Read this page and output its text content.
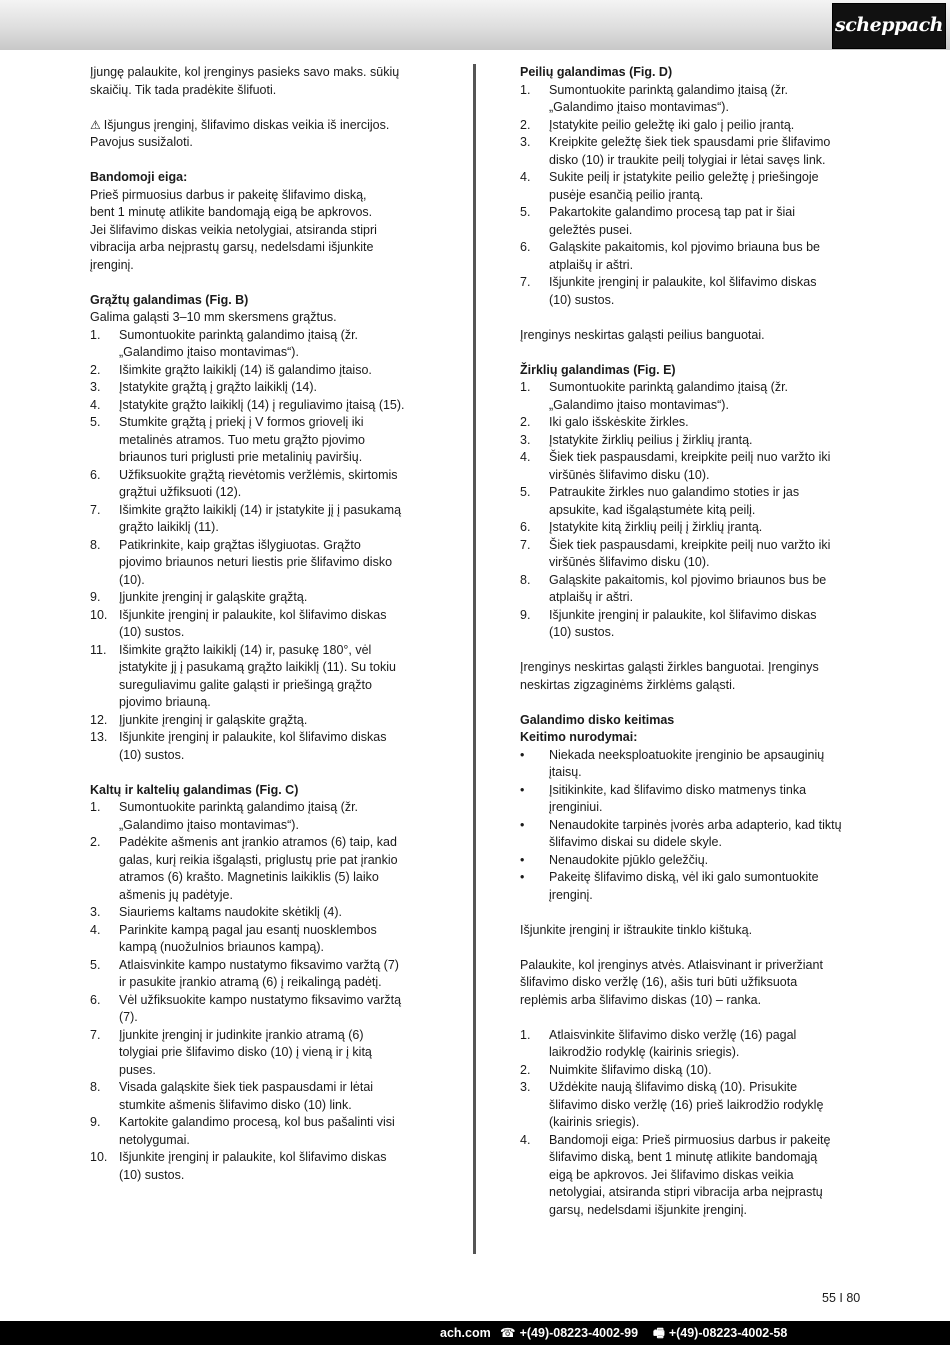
scheppach

Įjungę palaukite, kol įrenginys pasieks savo maks. sūkių

skaičių. Tik tada pradėkite šlifuoti.

⚠ Išjungus įrenginį, šlifavimo diskas veikia iš inercijos.

Pavojus susižaloti.

Bandomoji eiga:

Prieš pirmuosius darbus ir pakeitę šlifavimo diską,

bent 1 minutę atlikite bandomąją eigą be apkrovos.

Jei šlifavimo diskas veikia netolygiai, atsiranda stipri

vibracija arba neįprastų garsų, nedelsdami išjunkite

įrenginį.

Grąžtų galandimas (Fig. B)

Galima galąsti 3–10 mm skersmens grąžtus.

1. Sumontuokite parinktą galandimo įtaisą (žr.
„Galandimo įtaiso montavimas“).
2. Išimkite grąžto laikiklį (14) iš galandimo įtaiso.
3. Įstatykite grąžtą į grąžto laikiklį (14).
4. Įstatykite grąžto laikiklį (14) į reguliavimo įtaisą (15).
5. Stumkite grąžtą į priekį į V formos griovelį iki
metalinės atramos. Tuo metu grąžto pjovimo
briaunos turi priglusti prie metalinių paviršių.
6. Užfiksuokite grąžtą rievėtomis veržlėmis, skirtomis
grąžtui užfiksuoti (12).
7. Išimkite grąžto laikiklį (14) ir įstatykite jį į pasukamą
grąžto laikiklį (11).
8. Patikrinkite, kaip grąžtas išlygiuotas. Grąžto
pjovimo briaunos neturi liestis prie šlifavimo disko
(10).
9. Įjunkite įrenginį ir galąskite grąžtą.
10. Išjunkite įrenginį ir palaukite, kol šlifavimo diskas
(10) sustos.
11. Išimkite grąžto laikiklį (14) ir, pasukę 180°, vėl
įstatykite jį į pasukamą grąžto laikiklį (11). Su tokiu
sureguliavimu galite galąsti ir priešingą grąžto
pjovimo briauną.
12. Įjunkite įrenginį ir galąskite grąžtą.
13. Išjunkite įrenginį ir palaukite, kol šlifavimo diskas
(10) sustos.

Kaltų ir kaltelių galandimas (Fig. C)

1. Sumontuokite parinktą galandimo įtaisą (žr.
„Galandimo įtaiso montavimas“).
2. Padėkite ašmenis ant įrankio atramos (6) taip, kad
galas, kurį reikia išgaląsti, priglustų prie pat įrankio
atramos (6) krašto. Magnetinis laikiklis (5) laiko
ašmenis jų padėtyje.
3. Siauriems kaltams naudokite skėtiklį (4).
4. Parinkite kampą pagal jau esantį nuosklembos
kampą (nuožulnios briaunos kampą).
5. Atlaisvinkite kampo nustatymo fiksavimo varžtą (7)
ir pasukite įrankio atramą (6) į reikalingą padėtį.
6. Vėl užfiksuokite kampo nustatymo fiksavimo varžtą
(7).
7. Įjunkite įrenginį ir judinkite įrankio atramą (6)
tolygiai prie šlifavimo disko (10) į vieną ir į kitą
puses.
8. Visada galąskite šiek tiek paspausdami ir lėtai
stumkite ašmenis šlifavimo disko (10) link.
9. Kartokite galandimo procesą, kol bus pašalinti visi
netolygumai.
10. Išjunkite įrenginį ir palaukite, kol šlifavimo diskas
(10) sustos.

Peilių galandimas (Fig. D)

1. Sumontuokite parinktą galandimo įtaisą (žr.
„Galandimo įtaiso montavimas“).
2. Įstatykite peilio geležtę iki galo į peilio įrantą.
3. Kreipkite geležtę šiek tiek spausdami prie šlifavimo
disko (10) ir traukite peilį tolygiai ir lėtai savęs link.
4. Sukite peilį ir įstatykite peilio geležtę į priešingoje
pusėje esančią peilio įrantą.
5. Pakartokite galandimo procesą tap pat ir šiai
geležtės pusei.
6. Galąskite pakaitomis, kol pjovimo briauna bus be
atplaišų ir aštri.
7. Išjunkite įrenginį ir palaukite, kol šlifavimo diskas
(10) sustos.

Įrenginys neskirtas galąsti peilius banguotai.

Žirklių galandimas (Fig. E)

1. Sumontuokite parinktą galandimo įtaisą (žr.
„Galandimo įtaiso montavimas“).
2. Iki galo išskėskite žirkles.
3. Įstatykite žirklių peilius į žirklių įrantą.
4. Šiek tiek paspausdami, kreipkite peilį nuo varžto iki
viršūnės šlifavimo disku (10).
5. Patraukite žirkles nuo galandimo stoties ir jas
apsukite, kad išgaląstumėte kitą peilį.
6. Įstatykite kitą žirklių peilį į žirklių įrantą.
7. Šiek tiek paspausdami, kreipkite peilį nuo varžto iki
viršūnės šlifavimo disku (10).
8. Galąskite pakaitomis, kol pjovimo briaunos bus be
atplaišų ir aštri.
9. Išjunkite įrenginį ir palaukite, kol šlifavimo diskas
(10) sustos.

Įrenginys neskirtas galąsti žirkles banguotai. Įrenginys

neskirtas zigzaginėms žirklėms galąsti.

Galandimo disko keitimas

Keitimo nurodymai:

• Niekada neeksploatuokite įrenginio be apsauginių
įtaisų.
• Įsitikinkite, kad šlifavimo disko matmenys tinka
įrenginiui.
• Nenaudokite tarpinės įvorės arba adapterio, kad tiktų
šlifavimo diskai su didele skyle.
• Nenaudokite pjūklo geležčių.
• Pakeitę šlifavimo diską, vėl iki galo sumontuokite
įrenginį.

Išjunkite įrenginį ir ištraukite tinklo kištuką.

Palaukite, kol įrenginys atvės. Atlaisvinant ir priveržiant

šlifavimo disko veržlę (16), ašis turi būti užfiksuota

replėmis arba šlifavimo diskas (10) – ranka.

1. Atlaisvinkite šlifavimo disko veržlę (16) pagal
laikrodžio rodyklę (kairinis sriegis).
2. Nuimkite šlifavimo diską (10).
3. Uždėkite naują šlifavimo diską (10). Prisukite
šlifavimo disko veržlę (16) prieš laikrodžio rodyklę
(kairinis sriegis).
4. Bandomoji eiga: Prieš pirmuosius darbus ir pakeitę
šlifavimo diską, bent 1 minutę atlikite bandomąją
eigą be apkrovos. Jei šlifavimo diskas veikia
netolygiai, atsiranda stipri vibracija arba neįprastų
garsų, nedelsdami išjunkite įrenginį.
55 I 80
ach.com ☎ +(49)-08223-4002-99 🖷 +(49)-08223-4002-58
